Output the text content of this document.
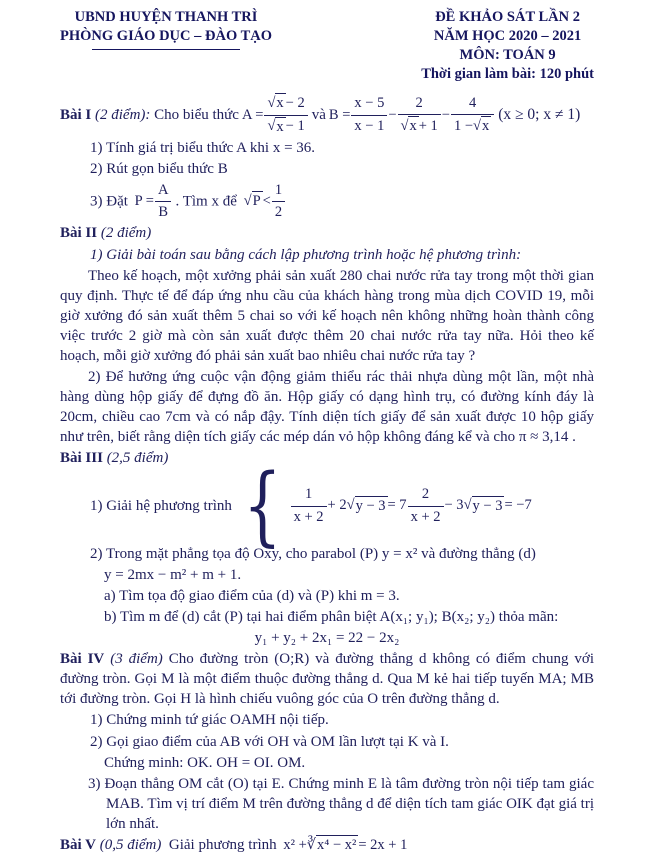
UBND HUYỆN THANH TRÌ
PHÒNG GIÁO DỤC – ĐÀO TẠO
ĐỀ KHẢO SÁT LẦN 2
NĂM HỌC 2020 – 2021
MÔN: TOÁN 9
Thời gian làm bài: 120 phút
Bài I
(2 điểm):
Cho biểu thức $A = \frac{√x- 2}{√x- 1}$ và $B = \frac{x - 5}{x - 1} - \frac{2}{√x+ 1} - \frac{4}{1 -√x} (x \ge 0$; x ≠ 1)
1) Tính giá trị biểu thức A khi x = 36.
2) Rút gọn biểu thức B
3) Đặt $P = \frac{A}{B}$ . Tìm x để $√P< \frac{1}{2}$
Bài II (2 điểm)
1) Giải bài toán sau bằng cách lập phương trình hoặc hệ phương trình:
Theo kế hoạch, một xưởng phải sản xuất 280 chai nước rửa tay trong một thời gian quy định. Thực tế để đáp ứng nhu cầu của khách hàng trong mùa dịch COVID 19, mỗi giờ xưởng đó sản xuất thêm 5 chai so với kế hoạch nên không những hoàn thành công việc trước 2 giờ mà còn sản xuất được thêm 20 chai nước rửa tay nữa. Hỏi theo kế hoạch, mỗi giờ xưởng đó phải sản xuất bao nhiêu chai nước rửa tay ?
2) Để hưởng ứng cuộc vận động giảm thiểu rác thải nhựa dùng một lần, một nhà hàng dùng hộp giấy để đựng đồ ăn. Hộp giấy có dạng hình trụ, có đường kính đáy là 20cm, chiều cao 7cm và có nắp đậy. Tính diện tích giấy để sản xuất được 10 hộp giấy như trên, biết rằng diện tích giấy các mép dán vỏ hộp không đáng kể và cho π ≈ 3,14 .
Bài III (2,5 điểm)
1) Giải hệ phương trình { $\frac{1}{x + 2} + 2√y - 3= 7 \frac{2}{x + 2} - 3√y - 3= -7$
2) Trong mặt phẳng tọa độ Oxy, cho parabol (P) y = x² và đường thẳng (d)
y = 2mx − m² + m + 1.
a) Tìm tọa độ giao điểm của (d) và (P) khi m = 3.
b) Tìm m để (d) cắt (P) tại hai điểm phân biệt A(x₁; y₁); B(x₂; y₂) thỏa mãn:
y₁ + y₂ + 2x₁ = 22 − 2x₂
Bài IV (3 điểm) Cho đường tròn (O;R) và đường thẳng d không có điểm chung với đường tròn. Gọi M là một điểm thuộc đường thẳng d. Qua M kẻ hai tiếp tuyến MA; MB tới đường tròn. Gọi H là hình chiếu vuông góc của O trên đường thẳng d.
1) Chứng minh tứ giác OAMH nội tiếp.
2) Gọi giao điểm của AB với OH và OM lần lượt tại K và I.
Chứng minh: OK. OH = OI. OM.
3) Đoạn thẳng OM cắt (O) tại E. Chứng minh E là tâm đường tròn nội tiếp tam giác MAB. Tìm vị trí điểm M trên đường thẳng d để diện tích tam giác OIK đạt giá trị lớn nhất.
Bài V (0,5 điểm) Giải phương trình x² +∛x⁴ − x²= 2x + 1
